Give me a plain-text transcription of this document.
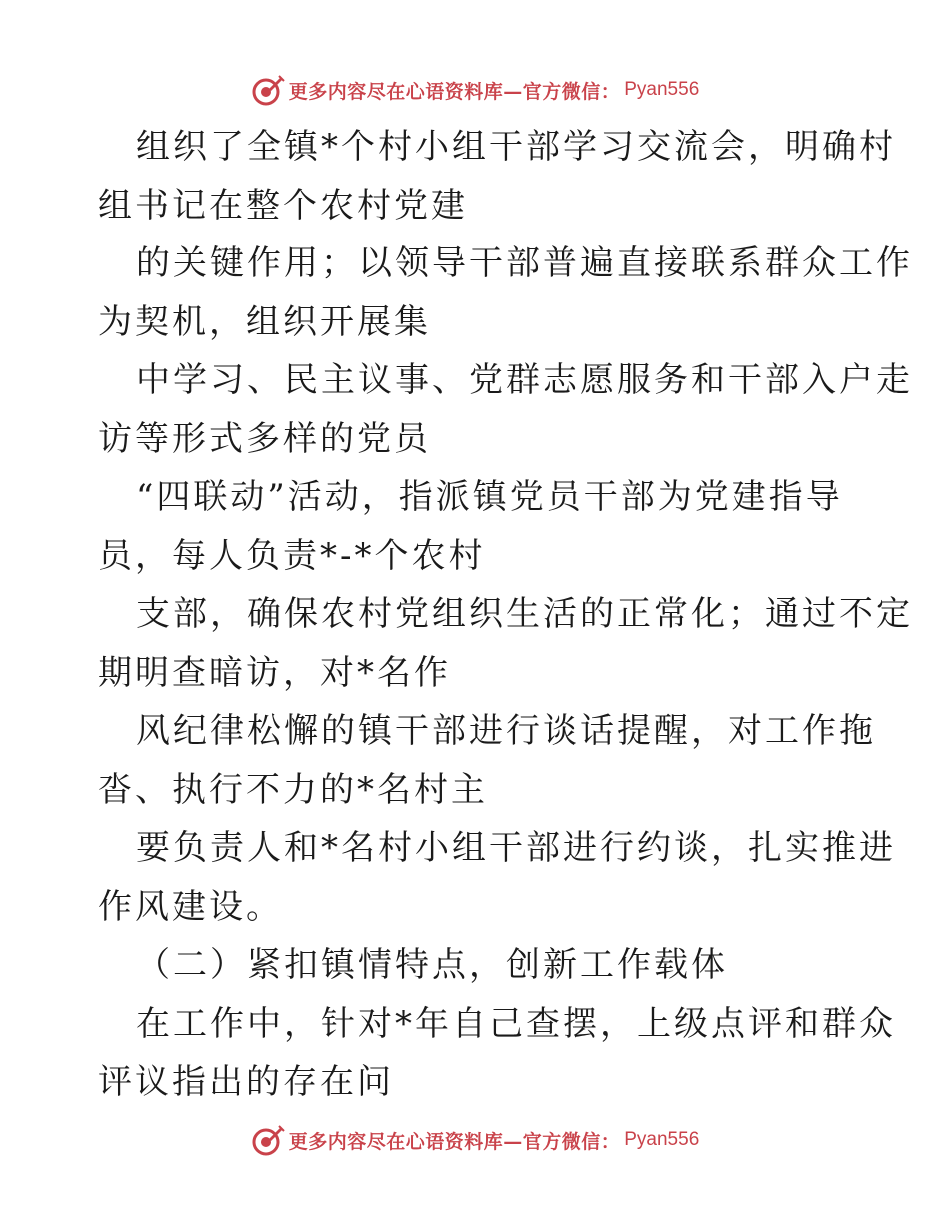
更多内容尽在心语资料库—官方微信： Pyan556
组织了全镇*个村小组干部学习交流会，明确村
组书记在整个农村党建
的关键作用；以领导干部普遍直接联系群众工作
为契机，组织开展集
中学习、民主议事、党群志愿服务和干部入户走
访等形式多样的党员
“四联动”活动，指派镇党员干部为党建指导
员，每人负责*-*个农村
支部，确保农村党组织生活的正常化；通过不定
期明查暗访，对*名作
风纪律松懈的镇干部进行谈话提醒，对工作拖
沓、执行不力的*名村主
要负责人和*名村小组干部进行约谈，扎实推进
作风建设。
（二）紧扣镇情特点，创新工作载体
在工作中，针对*年自己查摆，上级点评和群众
评议指出的存在问
更多内容尽在心语资料库—官方微信： Pyan556
